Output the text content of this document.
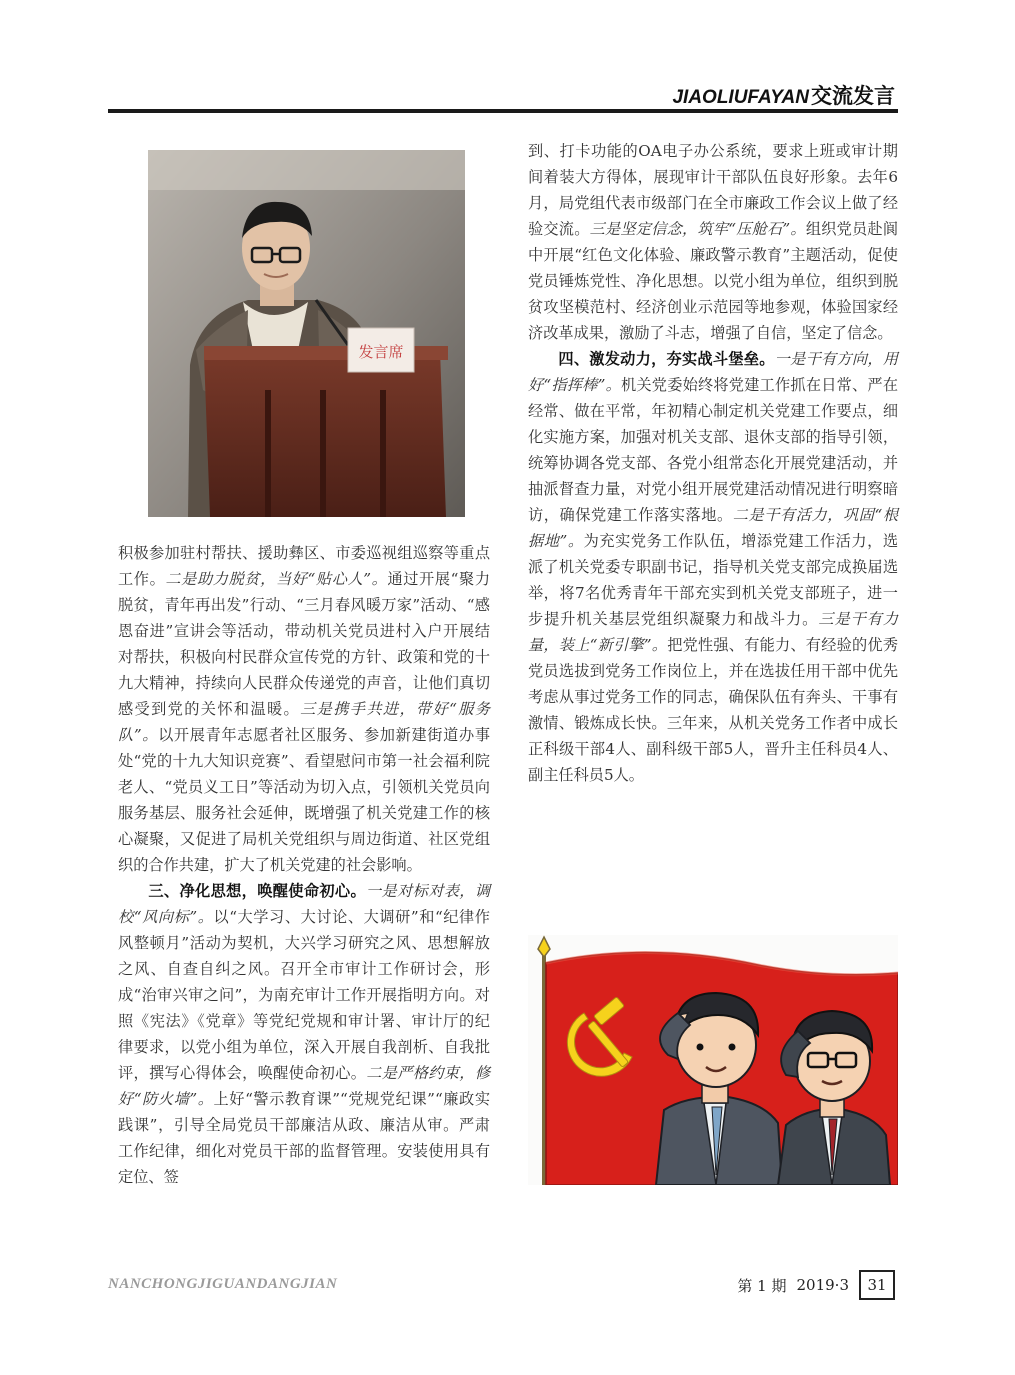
JIAOLIUFAYAN交流发言
发言席

积极参加驻村帮扶、援助彝区、市委巡视组巡察等重点工作。二是助力脱贫，当好“贴心人”。通过开展“聚力脱贫，青年再出发”行动、“三月春风暖万家”活动、“感恩奋进”宣讲会等活动，带动机关党员进村入户开展结对帮扶，积极向村民群众宣传党的方针、政策和党的十九大精神，持续向人民群众传递党的声音，让他们真切感受到党的关怀和温暖。三是携手共进，带好“服务队”。以开展青年志愿者社区服务、参加新建街道办事处“党的十九大知识竞赛”、看望慰问市第一社会福利院老人、“党员义工日”等活动为切入点，引领机关党员向服务基层、服务社会延伸，既增强了机关党建工作的核心凝聚，又促进了局机关党组织与周边街道、社区党组织的合作共建，扩大了机关党建的社会影响。

三、净化思想，唤醒使命初心。一是对标对表，调校“风向标”。以“大学习、大讨论、大调研”和“纪律作风整顿月”活动为契机，大兴学习研究之风、思想解放之风、自查自纠之风。召开全市审计工作研讨会，形成“治审兴审之问”，为南充审计工作开展指明方向。对照《宪法》《党章》等党纪党规和审计署、审计厅的纪律要求，以党小组为单位，深入开展自我剖析、自我批评，撰写心得体会，唤醒使命初心。二是严格约束，修好“防火墙”。上好“警示教育课”“党规党纪课”“廉政实践课”，引导全局党员干部廉洁从政、廉洁从审。严肃工作纪律，细化对党员干部的监督管理。安装使用具有定位、签

到、打卡功能的OA电子办公系统，要求上班或审计期间着装大方得体，展现审计干部队伍良好形象。去年6月，局党组代表市级部门在全市廉政工作会议上做了经验交流。三是坚定信念，筑牢“压舱石”。组织党员赴阆中开展“红色文化体验、廉政警示教育”主题活动，促使党员锤炼党性、净化思想。以党小组为单位，组织到脱贫攻坚模范村、经济创业示范园等地参观，体验国家经济改革成果，激励了斗志，增强了自信，坚定了信念。

四、激发动力，夯实战斗堡垒。一是干有方向，用好“指挥棒”。机关党委始终将党建工作抓在日常、严在经常、做在平常，年初精心制定机关党建工作要点，细化实施方案，加强对机关支部、退休支部的指导引领，统筹协调各党支部、各党小组常态化开展党建活动，并抽派督查力量，对党小组开展党建活动情况进行明察暗访，确保党建工作落实落地。二是干有活力，巩固“根据地”。为充实党务工作队伍，增添党建工作活力，选派了机关党委专职副书记，指导机关党支部完成换届选举，将7名优秀青年干部充实到机关党支部班子，进一步提升机关基层党组织凝聚力和战斗力。三是干有力量，装上“新引擎”。把党性强、有能力、有经验的优秀党员选拔到党务工作岗位上，并在选拔任用干部中优先考虑从事过党务工作的同志，确保队伍有奔头、干事有激情、锻炼成长快。三年来，从机关党务工作者中成长正科级干部4人、副科级干部5人，晋升主任科员4人、副主任科员5人。

NANCHONGJIGUANDANGJIAN	第 1 期 2019·3	31
